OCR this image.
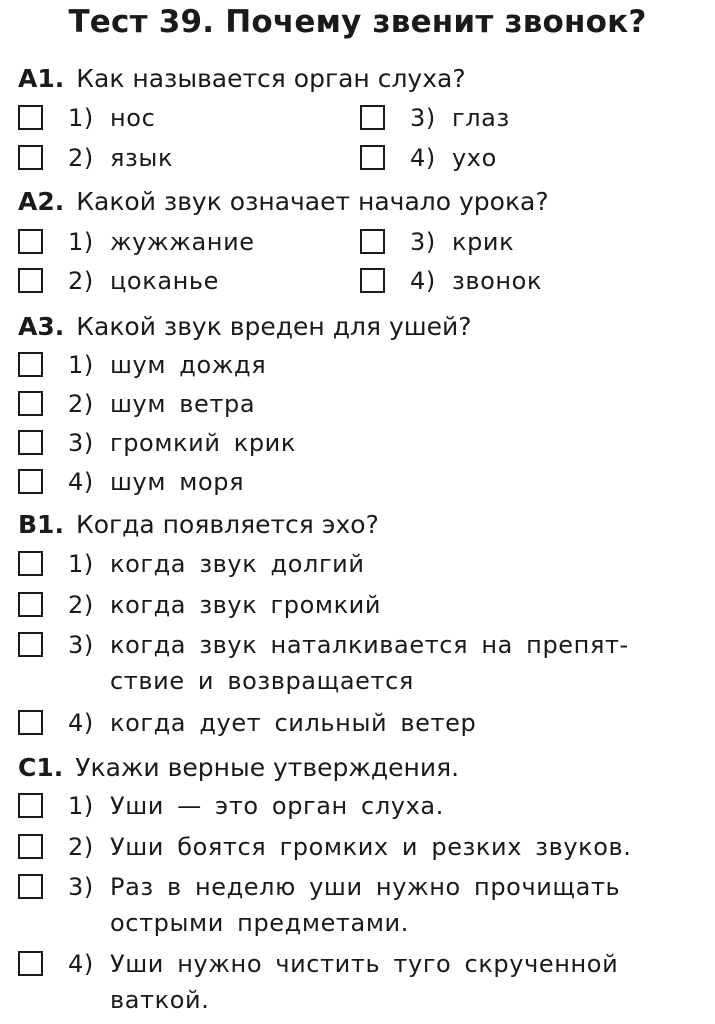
Тест 39. Почему звенит звонок?
А1. Как называется орган слуха?
1) нос
2) язык
3) глаз
4) ухо
А2. Какой звук означает начало урока?
1) жужжание
2) цоканье
3) крик
4) звонок
А3. Какой звук вреден для ушей?
1) шум дождя
2) шум ветра
3) громкий крик
4) шум моря
В1. Когда появляется эхо?
1) когда звук долгий
2) когда звук громкий
3) когда звук наталкивается на препят-
ствие и возвращается
4) когда дует сильный ветер
С1. Укажи верные утверждения.
1) Уши — это орган слуха.
2) Уши боятся громких и резких звуков.
3) Раз в неделю уши нужно прочищать
острыми предметами.
4) Уши нужно чистить туго скрученной
ваткой.
